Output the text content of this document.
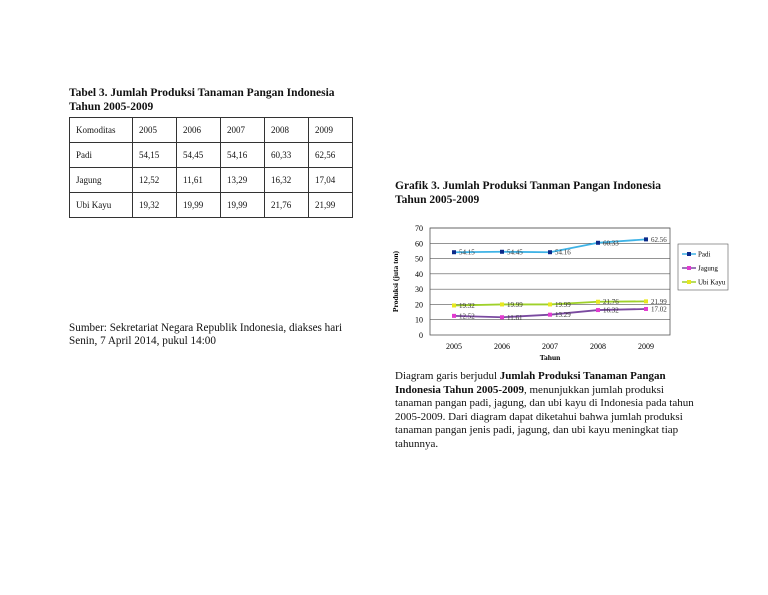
Tabel 3. Jumlah Produksi Tanaman Pangan Indonesia Tahun 2005-2009
Komoditas	2005	2006	2007	2008	2009
Padi	54,15	54,45	54,16	60,33	62,56
Jagung	12,52	11,61	13,29	16,32	17,04
Ubi Kayu	19,32	19,99	19,99	21,76	21,99
Sumber: Sekretariat Negara Republik Indonesia, diakses hari Senin, 7 April 2014, pukul 14:00
Grafik 3. Jumlah Produksi Tanman Pangan Indonesia Tahun 2005-2009
0
10
20
30
40
50
60
70
2005	2006	2007	2008	2009
Tahun
Produksi (juta ton)	54.15	54.45	54.16
60.33	62.56
12.52	11.61	13.29
16.32	17.02
19.32	19.99	19.99	21.76	21.99
Padi
Jagung
Ubi Kayu
Diagram garis berjudul Jumlah Produksi Tanaman Pangan Indonesia Tahun 2005-2009, menunjukkan jumlah produksi tanaman pangan padi, jagung, dan ubi kayu di Indonesia pada tahun 2005-2009. Dari diagram dapat diketahui bahwa jumlah produksi tanaman pangan jenis padi, jagung, dan ubi kayu meningkat tiap tahunnya.
